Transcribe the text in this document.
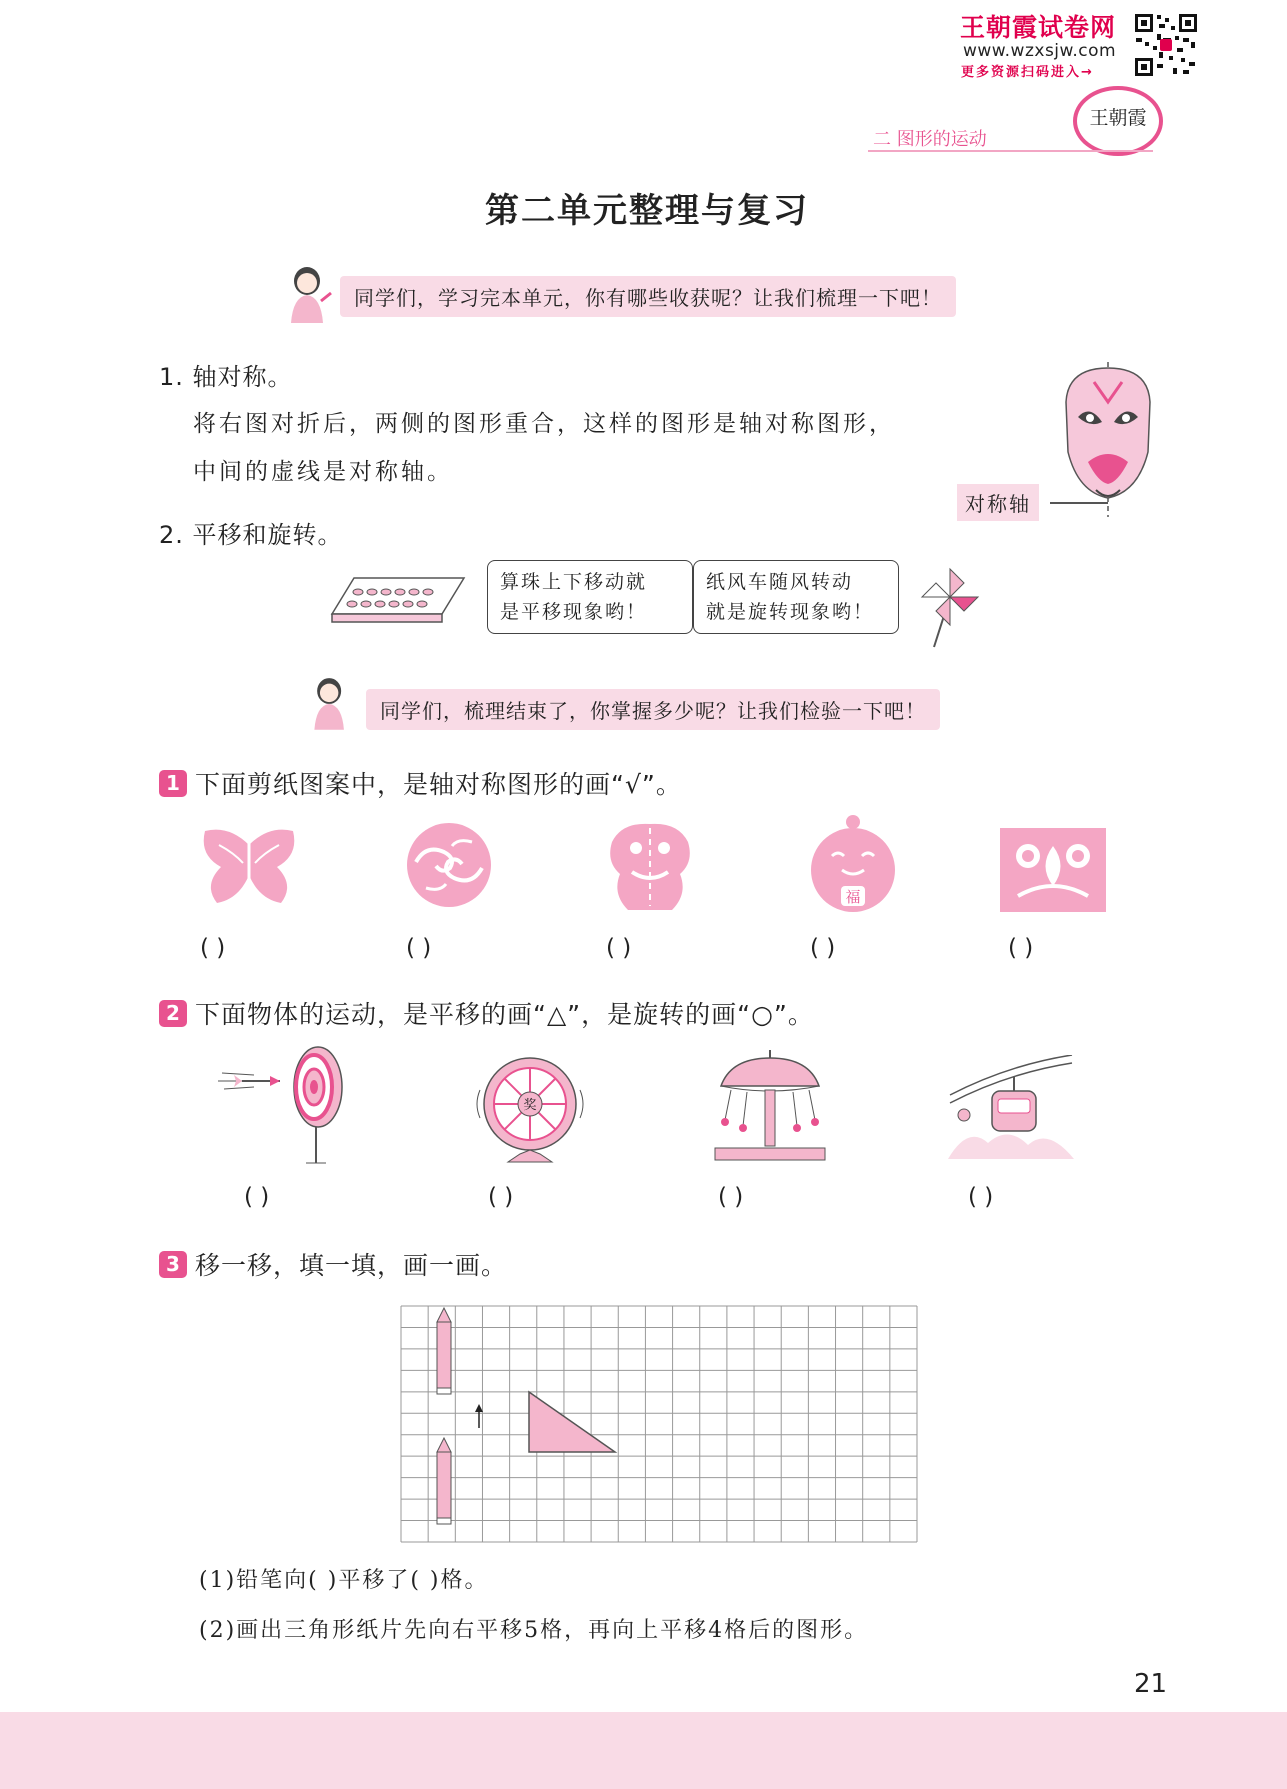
王朝霞试卷网
www.wzxsjw.com
更多资源扫码进入→
王朝霞
二 图形的运动
第二单元整理与复习
同学们，学习完本单元，你有哪些收获呢？让我们梳理一下吧！
1. 轴对称。
将右图对折后，两侧的图形重合，这样的图形是轴对称图形，
中间的虚线是对称轴。
对称轴
2. 平移和旋转。
算珠上下移动就
是平移现象哟！
纸风车随风转动
就是旋转现象哟！
同学们，梳理结束了，你掌握多少呢？让我们检验一下吧！
1 下面剪纸图案中，是轴对称图形的画“√”。
福
( )	( )	( )	( )	( )
2 下面物体的运动，是平移的画“△”，是旋转的画“○”。
奖
( )	( )	( )	( )
3 移一移，填一填，画一画。
(1)铅笔向( )平移了( )格。
(2)画出三角形纸片先向右平移5格，再向上平移4格后的图形。
21
